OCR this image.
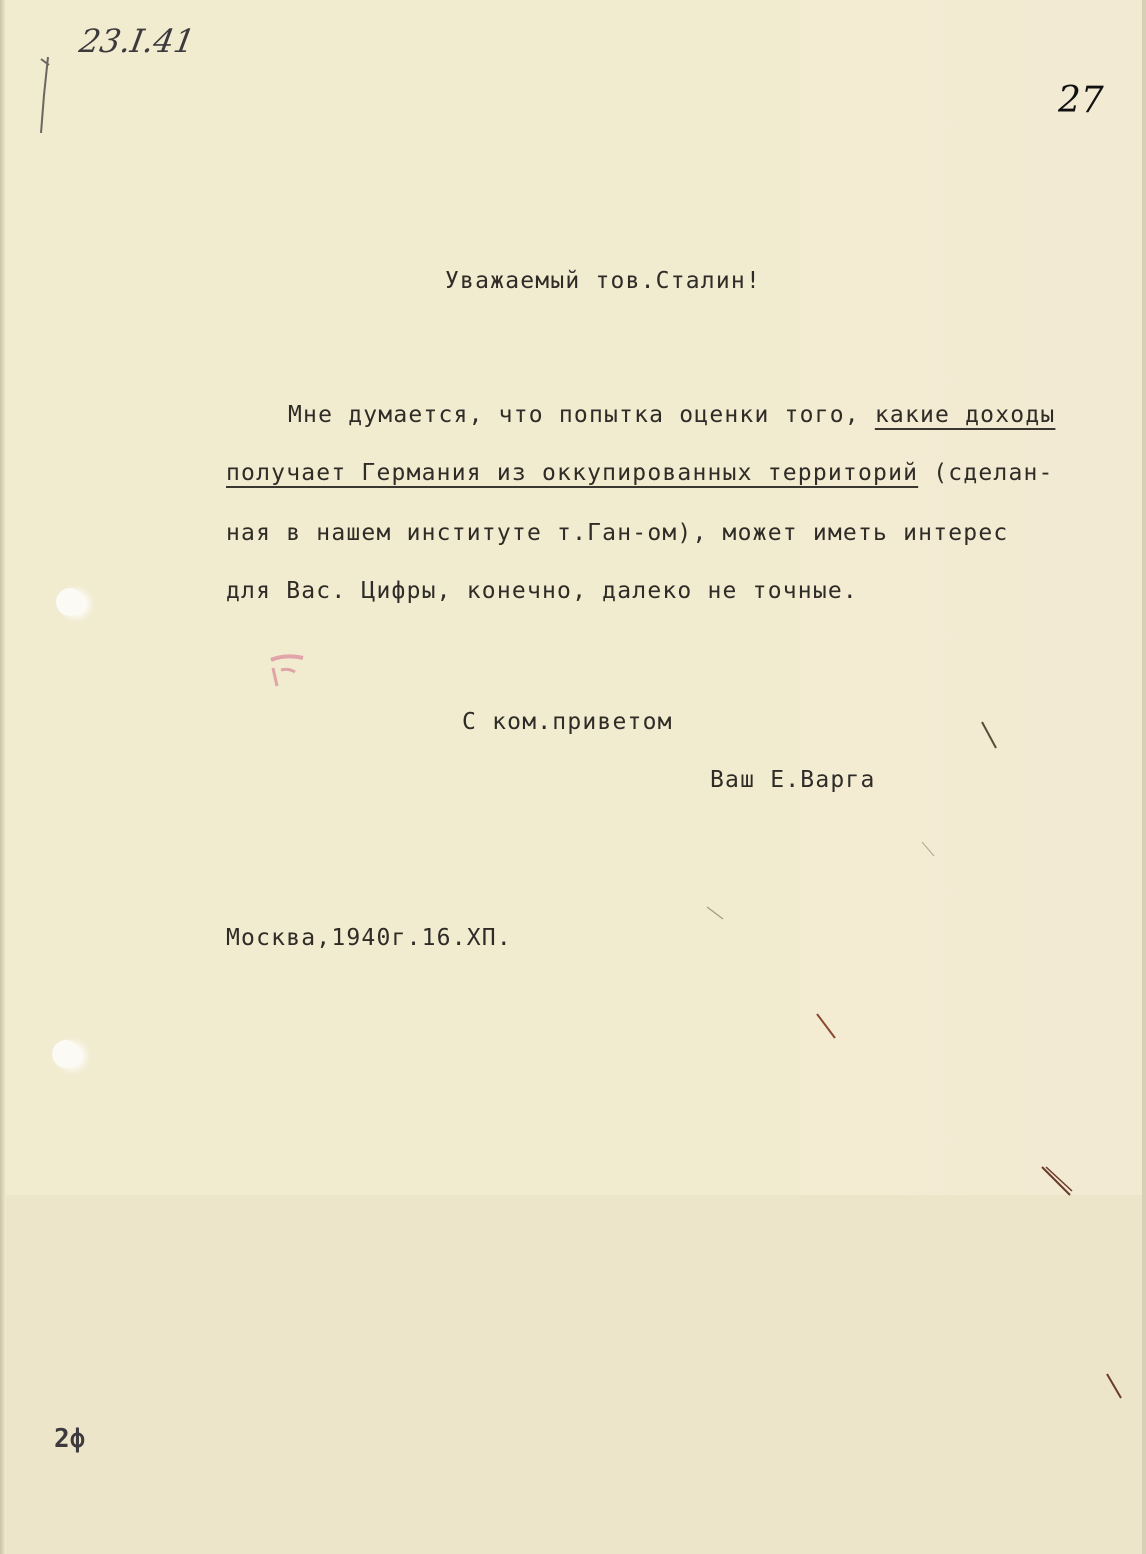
23.I.41
27
Уважаемый тов.Сталин!
Мне думается, что попытка оценки того, какие доходы
получает Германия из оккупированных территорий (сделан-
ная в нашем институте т.Ган-ом), может иметь интерес
для Вас. Цифры, конечно, далеко не точные.
С ком.приветом
Ваш Е.Варга
Москва,1940г.16.ХП.
2ф
